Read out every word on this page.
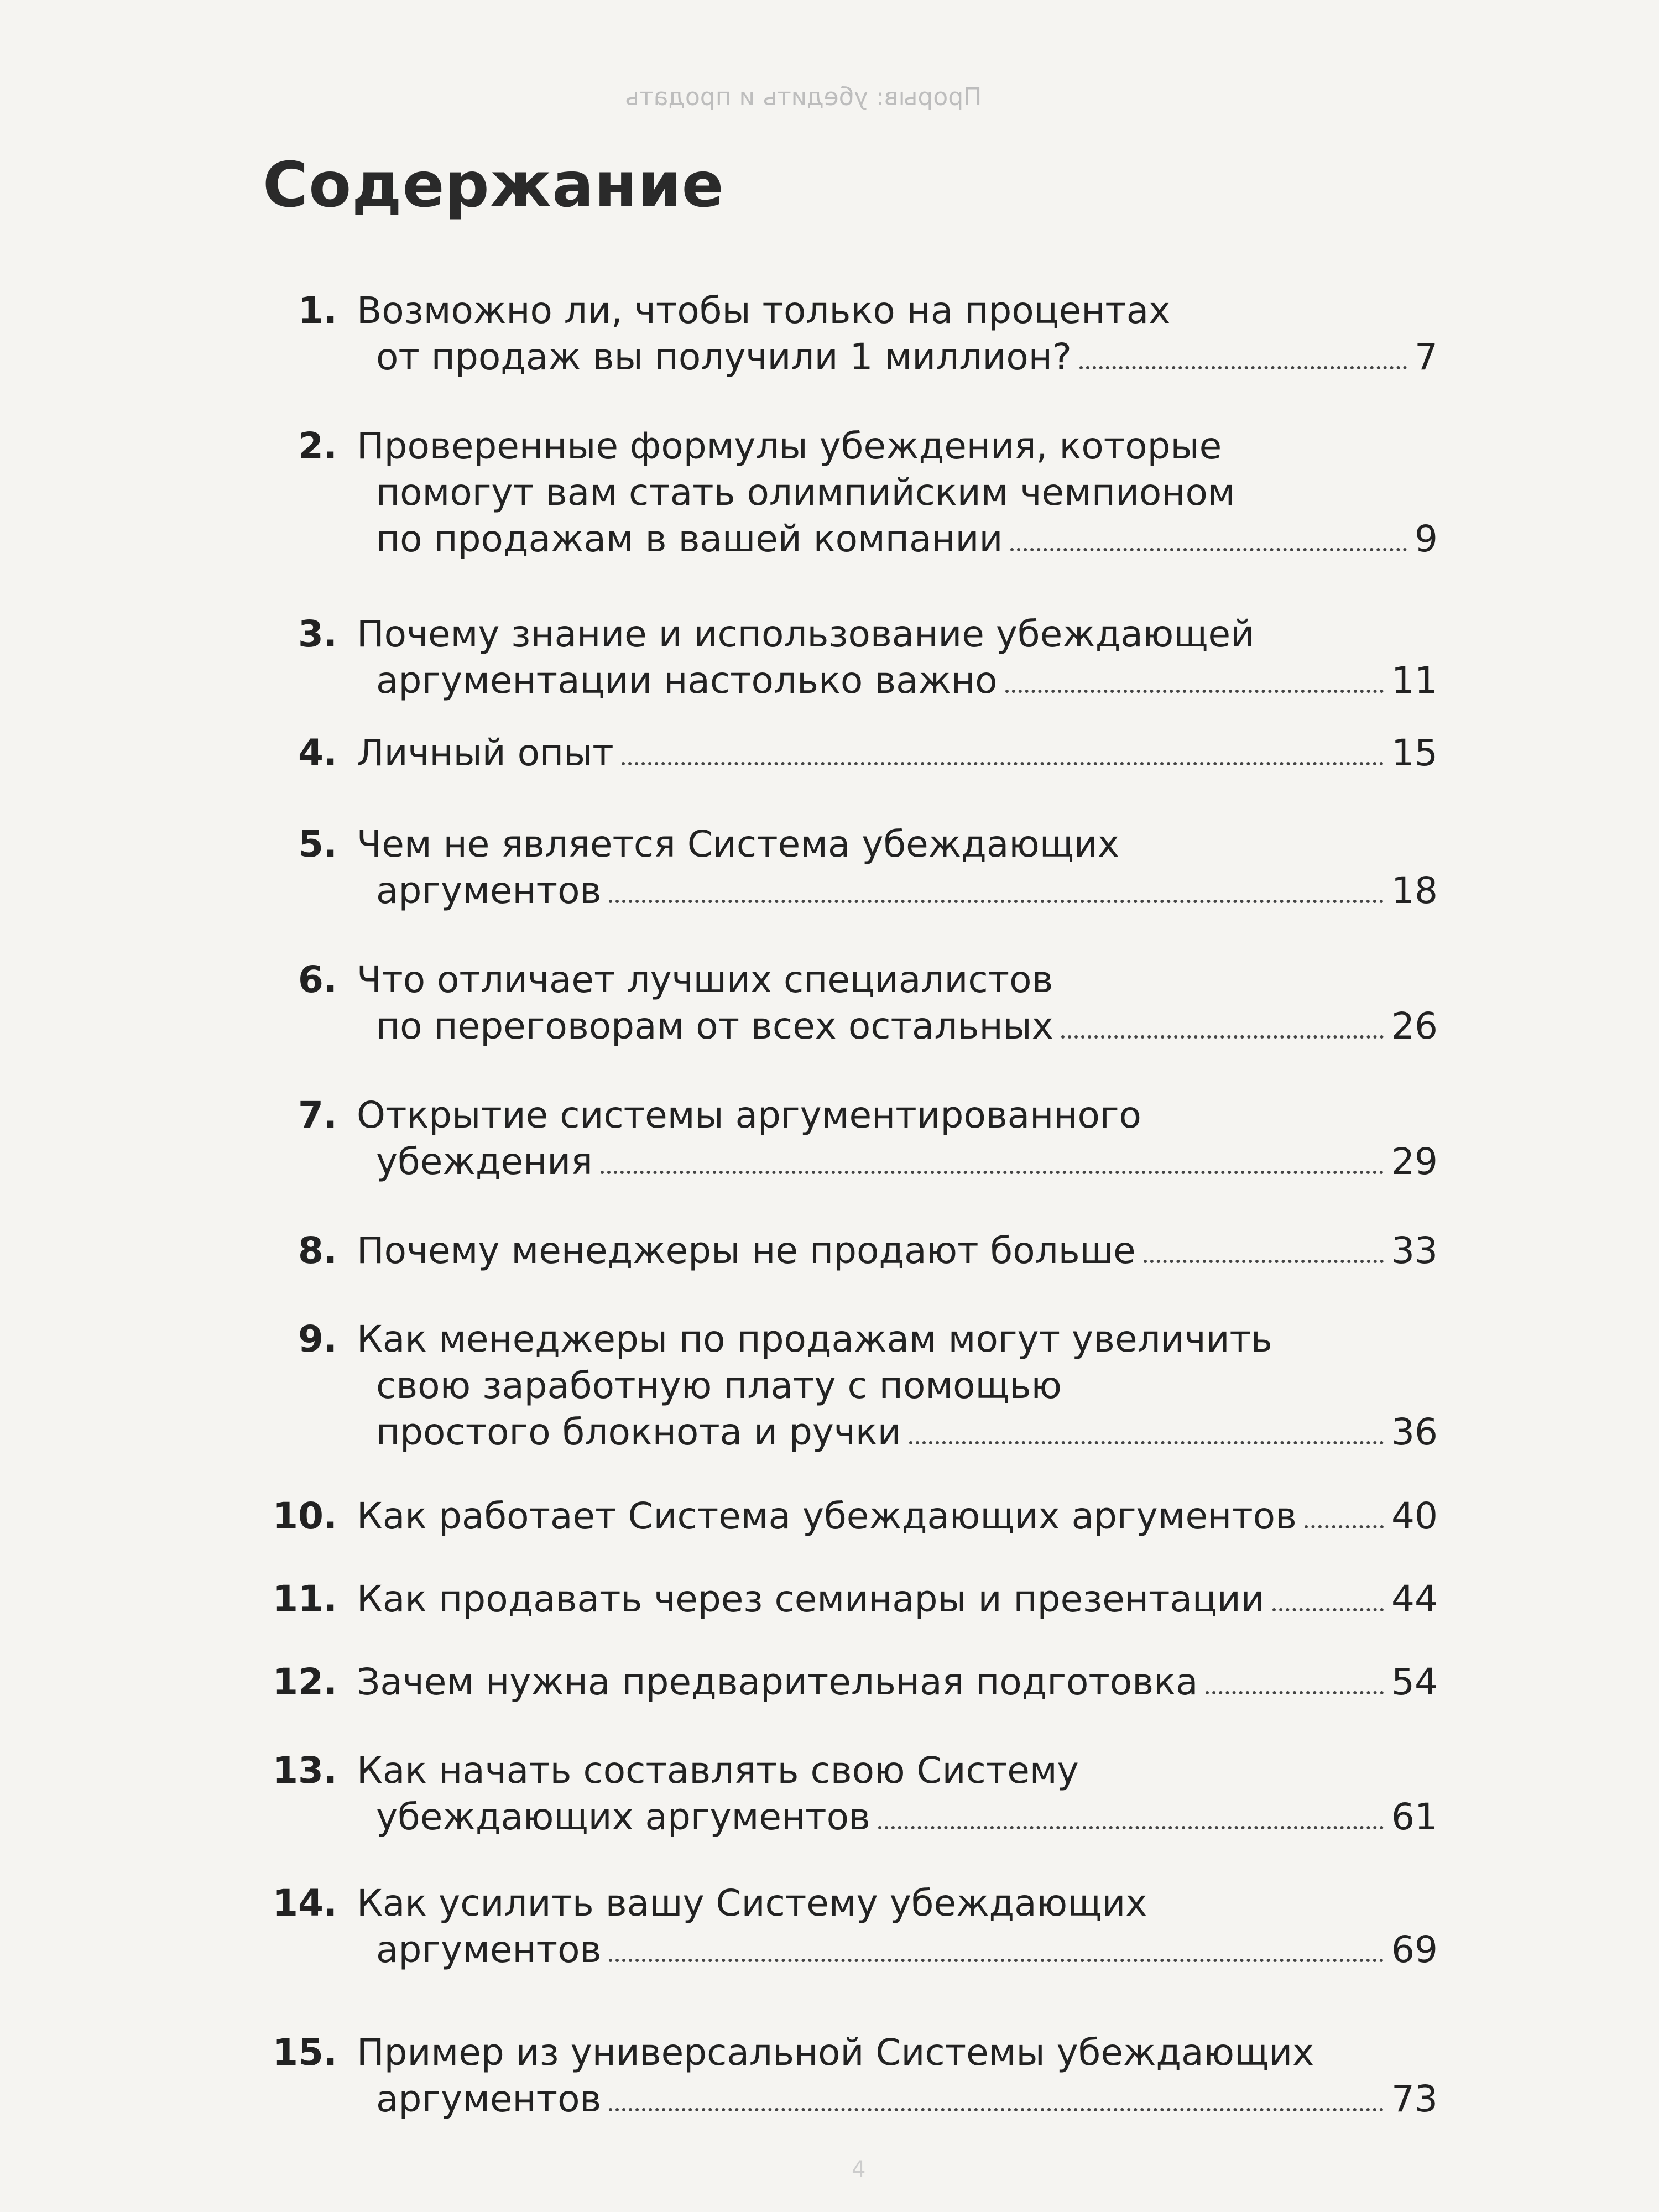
Прорыв: убедить и продать

Содержание
1. Возможно ли, чтобы только на процентах
от продаж вы получили 1 миллион?	7
2. Проверенные формулы убеждения, которые
помогут вам стать олимпийским чемпионом
по продажам в вашей компании	9
3. Почему знание и использование убеждающей
аргументации настолько важно	11
4. Личный опыт	15
5. Чем не является Система убеждающих
аргументов	18
6. Что отличает лучших специалистов
по переговорам от всех остальных	26
7. Открытие системы аргументированного
убеждения	29
8. Почему менеджеры не продают больше	33
9. Как менеджеры по продажам могут увеличить
свою заработную плату с помощью
простого блокнота и ручки	36
10. Как работает Система убеждающих аргументов	40
11. Как продавать через семинары и презентации	44
12. Зачем нужна предварительная подготовка	54
13. Как начать составлять свою Систему
убеждающих аргументов	61
14. Как усилить вашу Систему убеждающих
аргументов	69
15. Пример из универсальной Системы убеждающих
аргументов	73
4
